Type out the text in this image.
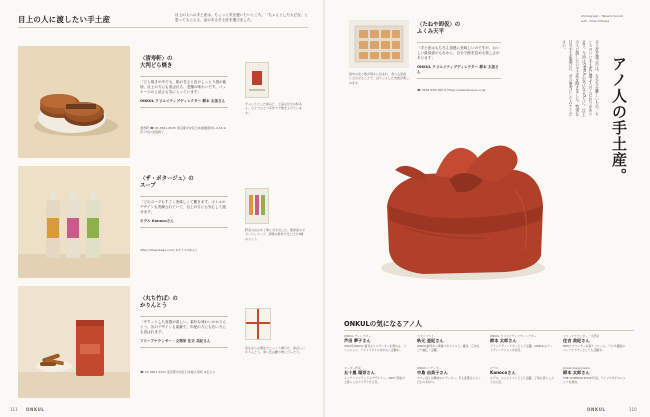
目上の人に渡したい手土産	目上の人への手土産は、ちょっと気を遣いたいところ。「ちゃんとした人だな」と思ってもらえる、品のある手土産を選びました。
〈清寿軒〉の
大判どら焼き
「どら焼きの中でも、餡の甘さと皮のしっとり感が絶妙。目上の方にも喜ばれる、老舗の味わいです。パッケージの上品さも気に入っています」
ONKUL クリエイティブディレクター 柳本 太郎さん
清寿軒 ☎ 03-3661-0035 東京都中央区日本橋堀留町1-4-16 ※売り切れ次第終了
ずっしりとした重みと、上品な甘さの粒あん。ひとつひとつ手作りで焼き上げています。
〈ザ・ポタージュ〉の
スープ
「どのスープもすごく美味しくて驚きます。ボトルのデザインも洗練されていて、目上の方にも安心して渡せます」
モデル Kanocoさん
https://thepotage.com/ ※ボトル3本入り
野菜の旨みを丁寧に引き出した、無添加のポタージュスープ。季節の素材で仕上げた3種のセット。
〈丸ち竹ば〉の
かりんとう
「ザクッとした食感が楽しい、素朴な味わいのかりんとう。缶のデザインも素敵で、年配の方にも若い方にも喜ばれます」
フリーアナウンサー・文筆家 住吉 美紀さん
☎ 03-3667-2411 東京都中央区日本橋人形町 ※缶入り
昔ながらの製法でじっくり揚げた、香ばしいかりんとう。赤い缶は贈り物にぴったり。
111 ONKUL
最中の皮と餡が別々に包まれ、食べる直前に合わせることで、ぱりっとした食感が楽しめます。
〈たねや卸仮〉の
ふくみ天平
「手土産はもちろん食感に美味しいのですが、おいしい最高級のもなかに、自分で餡を詰める楽しさがあります」
ONKUL クリエイティブディレクター 柳本 太郎さん
☎ 0120-559-160 ※ https://www.taneya.co.jp/
photograph : Takashi Suzuki
edit : Rina Ohkawa
手土産を選ぶのは、なかなか難しいもの。センスのいい手土産に選ぶ人のこだわりがあります。今回はONKULの気になる5人に、目上の人に渡したい手土産を聞きました。特別な日の手土産選びに、ぜひ参考にしてみてください。
アノ人の手土産。
ONKULの気になるアノ人
ONKUL ディレクター
芦田 夢子さん
2002年ONKUL 創刊よりエディターを務める。ファッション、ライフスタイルを中心に活動中。
スタイリスト
秋元 亜紀さん
ONKUL創刊から専属スタイリスト。雑誌、広告などで幅広く活躍。
ONKUL クリエイティブディレクター
柳本 太郎さん
ブランドディレクターとして活躍。ONKULのアートディレクションを担当。
フリーアナウンサー・文筆家
住吉 美紀さん
NHKアナウンサーを経てフリーに。ラジオ番組のパーソナリティとしても活躍中。
ボーダー作家
五十嵐 瑠奈さん
インテリアブランドのデザイナー。SNSで発信する暮らしのアイデアが人気。
ONKUL エディター
中島 由美子さん
カフェ巡りが趣味のエディター。手土産選びにもこだわりを持つ。
モデル
Kanocoさん
モデル、エッセイストとして活躍。丁寧な暮らしぶりが人気。
stylist design team
柳本 太郎さん
THE COMMON SHOP 代表。ライフスタイルショップを運営。
ONKUL	110
